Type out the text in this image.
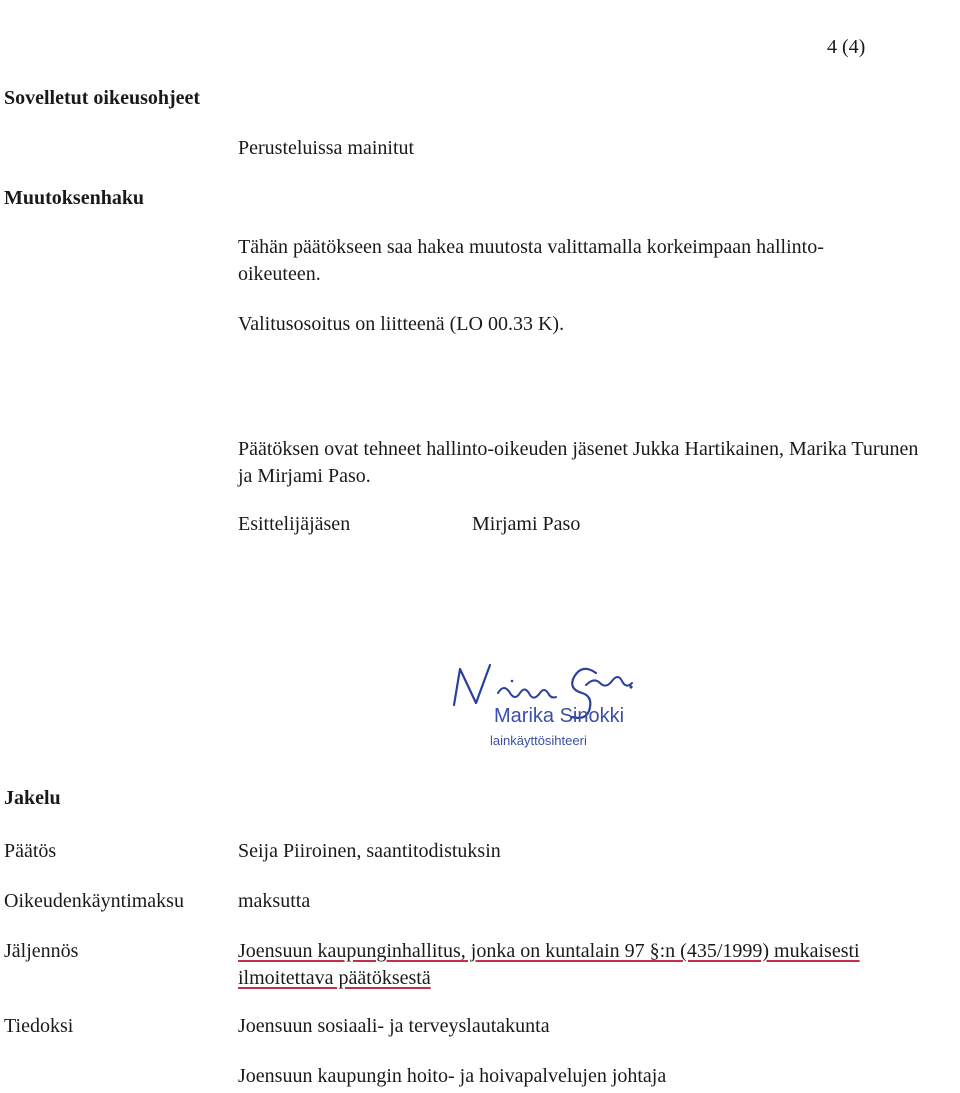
4 (4)
Sovelletut oikeusohjeet
Perusteluissa mainitut
Muutoksenhaku
Tähän päätökseen saa hakea muutosta valittamalla korkeimpaan hallinto-oikeuteen.
Valitusosoitus on liitteenä (LO 00.33 K).
Päätöksen ovat tehneet hallinto-oikeuden jäsenet Jukka Hartikainen, Marika Turunen ja Mirjami Paso.
Esittelijäjäsen	Mirjami Paso
Marika Sinokki
lainkäyttösihteeri
Jakelu
Päätös	Seija Piiroinen, saantitodistuksin
Oikeudenkäyntimaksu	maksutta
Jäljennös	Joensuun kaupunginhallitus, jonka on kuntalain 97 §:n (435/1999) mukaisesti ilmoitettava päätöksestä
Tiedoksi	Joensuun sosiaali- ja terveyslautakunta
Joensuun kaupungin hoito- ja hoivapalvelujen johtaja
